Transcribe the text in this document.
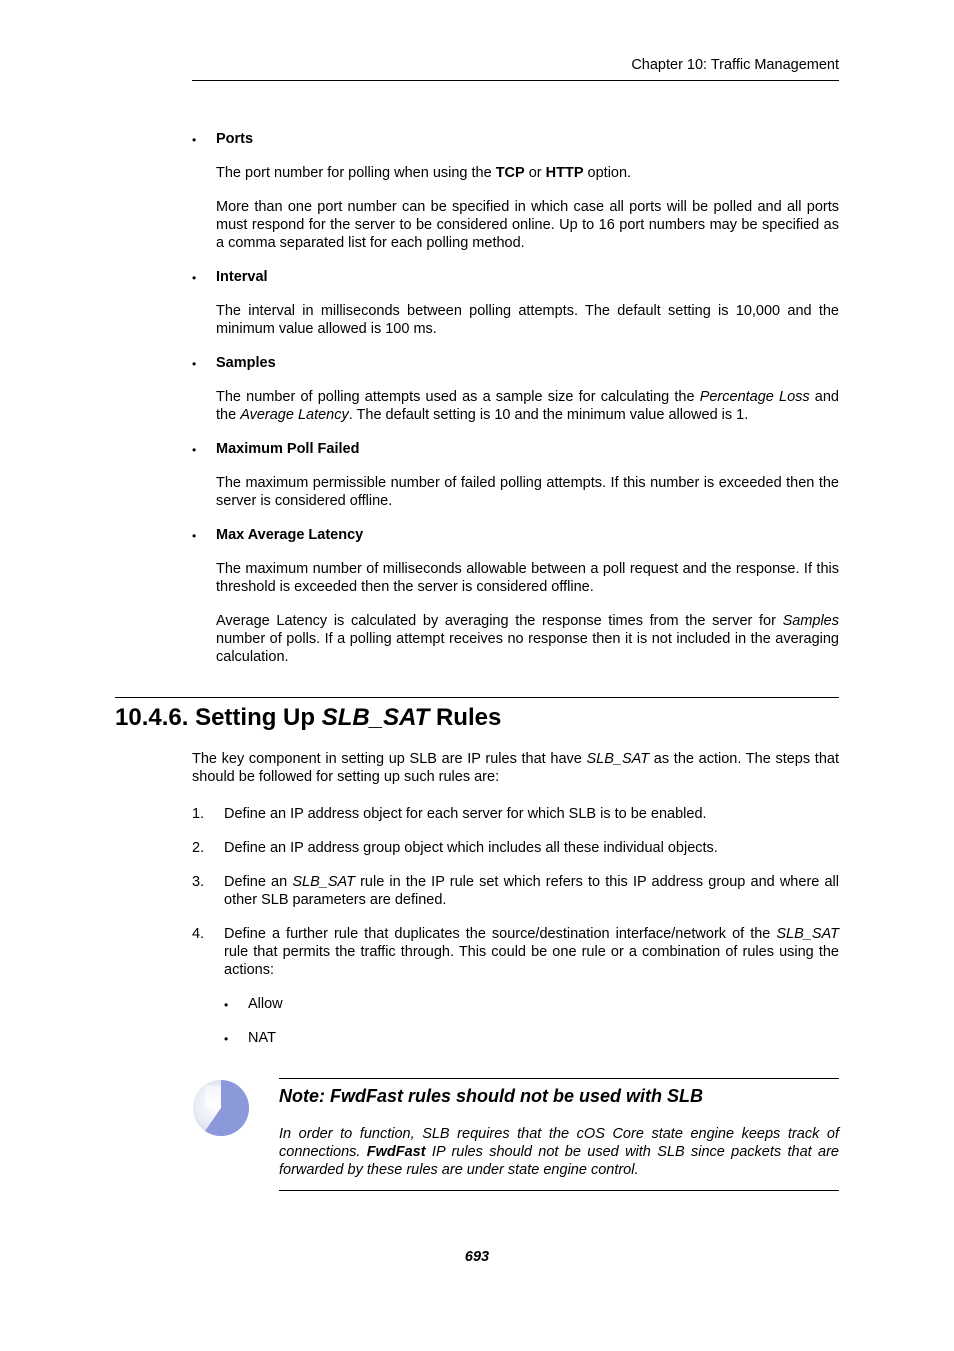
Chapter 10: Traffic Management
• Ports
The port number for polling when using the TCP or HTTP option.
More than one port number can be specified in which case all ports will be polled and all ports must respond for the server to be considered online. Up to 16 port numbers may be specified as a comma separated list for each polling method.
• Interval
The interval in milliseconds between polling attempts. The default setting is 10,000 and the minimum value allowed is 100 ms.
• Samples
The number of polling attempts used as a sample size for calculating the Percentage Loss and the Average Latency. The default setting is 10 and the minimum value allowed is 1.
• Maximum Poll Failed
The maximum permissible number of failed polling attempts. If this number is exceeded then the server is considered offline.
• Max Average Latency
The maximum number of milliseconds allowable between a poll request and the response. If this threshold is exceeded then the server is considered offline.
Average Latency is calculated by averaging the response times from the server for Samples number of polls. If a polling attempt receives no response then it is not included in the averaging calculation.
10.4.6. Setting Up SLB_SAT Rules
The key component in setting up SLB are IP rules that have SLB_SAT as the action. The steps that should be followed for setting up such rules are:
1. Define an IP address object for each server for which SLB is to be enabled.
2. Define an IP address group object which includes all these individual objects.
3. Define an SLB_SAT rule in the IP rule set which refers to this IP address group and where all other SLB parameters are defined.
4. Define a further rule that duplicates the source/destination interface/network of the SLB_SAT rule that permits the traffic through. This could be one rule or a combination of rules using the actions:
• Allow
• NAT
Note: FwdFast rules should not be used with SLB
In order to function, SLB requires that the cOS Core state engine keeps track of connections. FwdFast IP rules should not be used with SLB since packets that are forwarded by these rules are under state engine control.
693
